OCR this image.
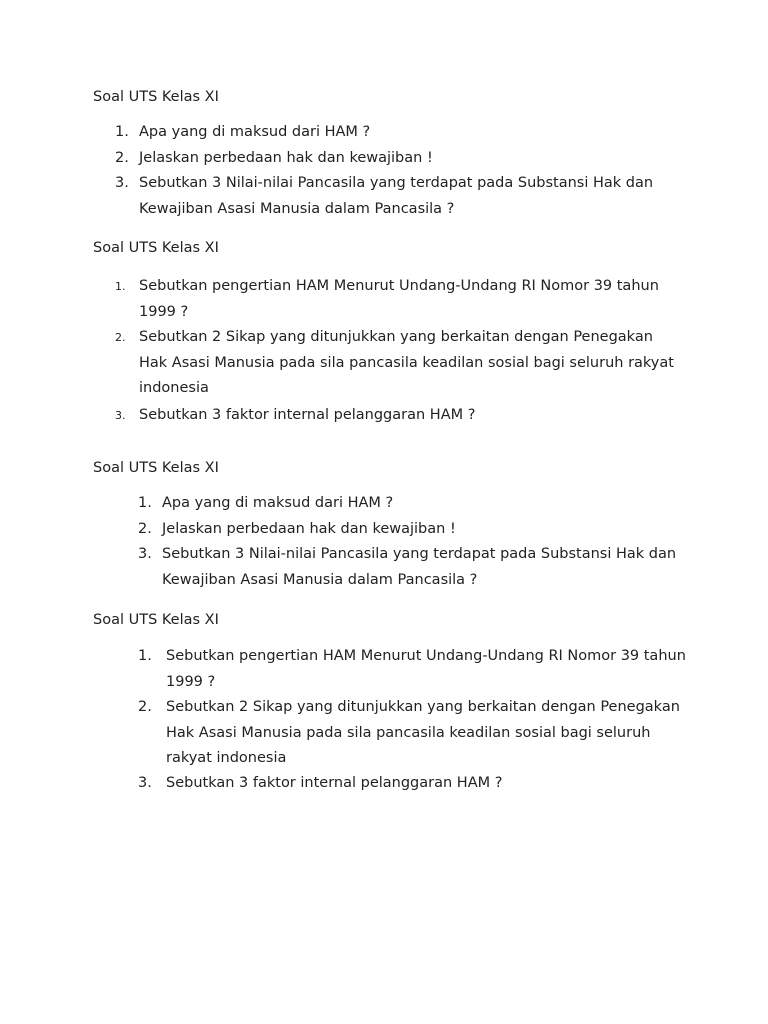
Soal UTS Kelas XI

1. Apa yang di maksud dari HAM ?
2. Jelaskan perbedaan hak dan kewajiban !
3. Sebutkan 3 Nilai-nilai Pancasila yang terdapat pada Substansi Hak dan Kewajiban Asasi Manusia dalam Pancasila ?

Soal UTS Kelas XI

1. Sebutkan pengertian HAM Menurut Undang-Undang RI Nomor 39 tahun 1999 ?
2. Sebutkan 2 Sikap yang ditunjukkan yang berkaitan dengan Penegakan Hak Asasi Manusia pada sila pancasila keadilan sosial bagi seluruh rakyat indonesia
3. Sebutkan 3 faktor internal pelanggaran HAM ?

Soal UTS Kelas XI

1. Apa yang di maksud dari HAM ?
2. Jelaskan perbedaan hak dan kewajiban !
3. Sebutkan 3 Nilai-nilai Pancasila yang terdapat pada Substansi Hak dan Kewajiban Asasi Manusia dalam Pancasila ?

Soal UTS Kelas XI

1. Sebutkan pengertian HAM Menurut Undang-Undang RI Nomor 39 tahun 1999 ?
2. Sebutkan 2 Sikap yang ditunjukkan yang berkaitan dengan Penegakan Hak Asasi Manusia pada sila pancasila keadilan sosial bagi seluruh rakyat indonesia
3. Sebutkan 3 faktor internal pelanggaran HAM ?
